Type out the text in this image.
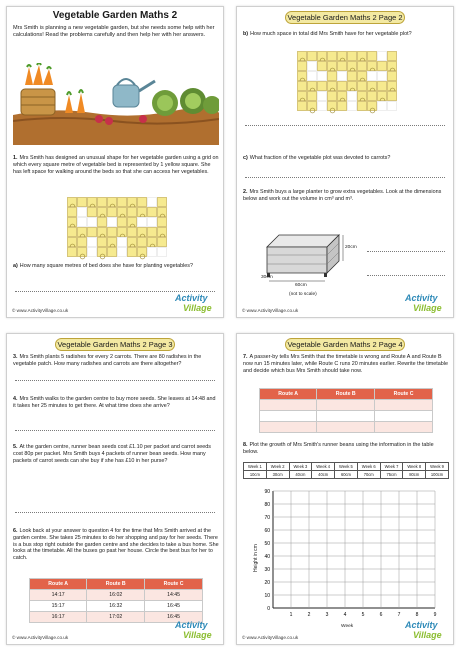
Vegetable Garden Maths 2
Mrs Smith is planning a new vegetable garden, but she needs some help with her calculations! Read the problems carefully and then help her with her answers.
1. Mrs Smith has designed an unusual shape for her vegetable garden using a grid on which every square metre of vegetable bed is represented by 1 yellow square. She has left space for walking around the beds so that she can access her vegetables.
a) How many square metres of bed does she have for planting vegetables?
© www.ActivityVillage.co.uk
Activity
Village
Vegetable Garden Maths 2 Page 2
b) How much space in total did Mrs Smith have for her vegetable plot?
c) What fraction of the vegetable plot was devoted to carrots?
2. Mrs Smith buys a large planter to grow extra vegetables. Look at the dimensions below and work out the volume in cm³ and m³.
20cm
60cm
30cm
(not to scale)
© www.ActivityVillage.co.uk
Activity
Village
Vegetable Garden Maths 2 Page 3
3. Mrs Smith plants 5 radishes for every 2 carrots. There are 80 radishes in the vegetable patch. How many radishes and carrots are there altogether?
4. Mrs Smith walks to the garden centre to buy more seeds. She leaves at 14:48 and it takes her 25 minutes to get there. At what time does she arrive?
5. At the garden centre, runner bean seeds cost £1.10 per packet and carrot seeds cost 80p per packet. Mrs Smith buys 4 packets of runner bean seeds. How many packets of carrot seeds can she buy if she has £10 in her purse?
6. Look back at your answer to question 4 for the time that Mrs Smith arrived at the garden centre. She takes 25 minutes to do her shopping and pay for her seeds. There is a bus stop right outside the garden centre and she decides to take a bus home. She looks at the timetable. All the buses go past her house. Circle the best bus for her to catch.
Route A	Route B	Route C
14:17	16:02	14:45
15:17	16:32	16:45
16:17	17:02	16:45
© www.ActivityVillage.co.uk
Activity
Village
Vegetable Garden Maths 2 Page 4
7. A passer-by tells Mrs Smith that the timetable is wrong and Route A and Route B now run 15 minutes later, while Route C runs 20 minutes earlier. Rewrite the timetable and decide which bus Mrs Smith should take now.
Route A	Route B	Route C

8. Plot the growth of Mrs Smith's runner beans using the information in the table below.
Week 1	Week 2	Week 3	Week 4	Week 5	Week 6	Week 7	Week 8	Week 9
10cm	30cm	40cm	40cm	60cm	70cm	75cm	80cm	100cm
0
10
20
30
40
50
60
70
80
90
1	2	3	4	5	6	7	8	9
Height in cm
Week
© www.ActivityVillage.co.uk
Activity
Village
